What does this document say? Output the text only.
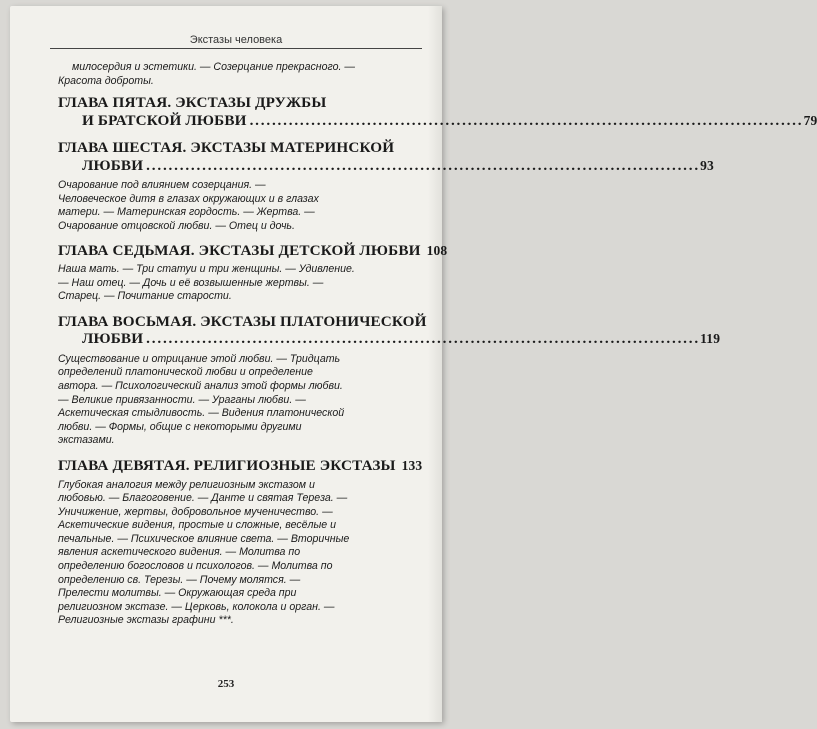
Экстазы человека

милосердия и эстетики. — Созерцание прекрасного. —
Красота доброты.

ГЛАВА ПЯТАЯ. ЭКСТАЗЫ ДРУЖБЫ
И БРАТСКОЙ ЛЮБВИ . . .	79
ГЛАВА ШЕСТАЯ. ЭКСТАЗЫ МАТЕРИНСКОЙ
ЛЮБВИ . . .	93

Очарование под влиянием созерцания. —
Человеческое дитя в глазах окружающих и в глазах
матери. — Материнская гордость. — Жертва. —
Очарование отцовской любви. — Отец и дочь.

ГЛАВА СЕДЬМАЯ. ЭКСТАЗЫ ДЕТСКОЙ ЛЮБВИ 108

Наша мать. — Три статуи и три женщины. — Удивление.
— Наш отец. — Дочь и её возвышенные жертвы. —
Старец. — Почитание старости.

ГЛАВА ВОСЬМАЯ. ЭКСТАЗЫ ПЛАТОНИЧЕСКОЙ
ЛЮБВИ . . .	119

Существование и отрицание этой любви. — Тридцать
определений платонической любви и определение
автора. — Психологический анализ этой формы любви.
— Великие привязанности. — Ураганы любви. —
Аскетическая стыдливость. — Видения платонической
любви. — Формы, общие с некоторыми другими
экстазами.

ГЛАВА ДЕВЯТАЯ. РЕЛИГИОЗНЫЕ ЭКСТАЗЫ 133

Глубокая аналогия между религиозным экстазом и
любовью. — Благоговение. — Данте и святая Тереза. —
Уничижение, жертвы, добровольное мученичество. —
Аскетические видения, простые и сложные, весёлые и
печальные. — Психическое влияние света. — Вторичные
явления аскетического видения. — Молитва по
определению богословов и психологов. — Молитва по
определению св. Терезы. — Почему молятся. —
Прелести молитвы. — Окружающая среда при
религиозном экстазе. — Церковь, колокола и орган. —
Религиозные экстазы графини ***.

253
